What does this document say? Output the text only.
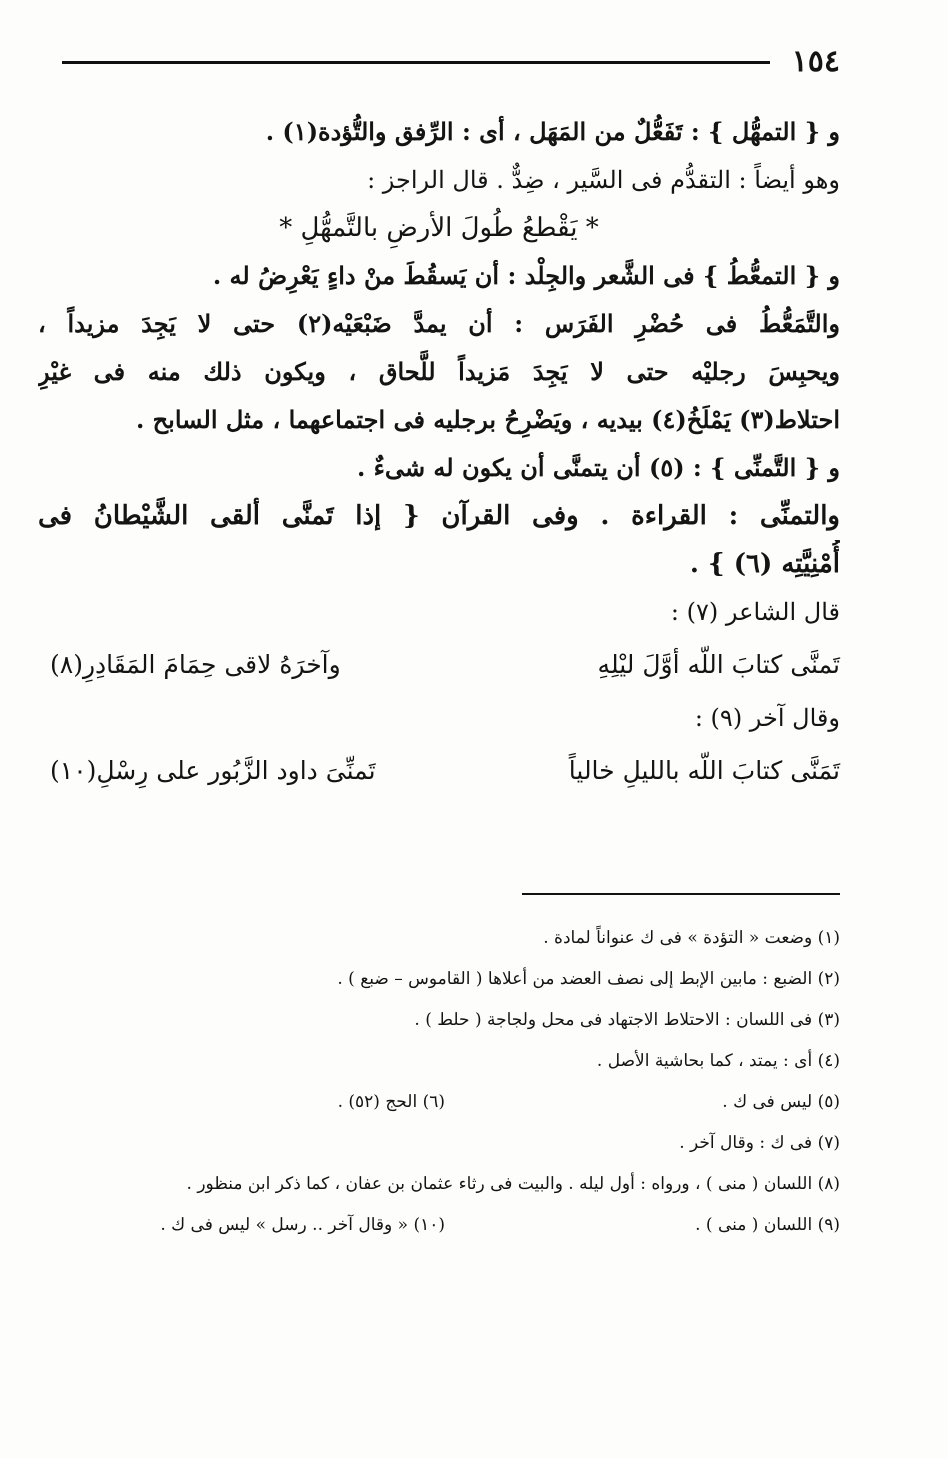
١٥٤
و { التمهُّل } : تَفَعُّلٌ من المَهَل ، أى : الرِّفق والتُّؤدة(١) .
وهو أيضاً : التقدُّم فى السَّير ، ضِدٌّ . قال الراجز :
* يَقْطعُ طُولَ الأرضِ بالتَّمهُّلِ *
و { التمعُّطُ } فى الشَّعر والجِلْد : أن يَسقُطَ منْ داءٍ يَعْرِضُ له .
والتَّمَعُّطُ فى حُضْرِ الفَرَس : أن يمدَّ ضَبْعَيْه(٢) حتى لا يَجِدَ مزيداً ،
ويحبِسَ رجليْه حتى لا يَجِدَ مَزيداً للَّحاق ، ويكون ذلك منه فى غيْرِ
احتلاط(٣) يَمْلَخُ(٤) بيديه ، ويَضْرِحُ برجليه فى اجتماعهما ، مثل السابح .
و { التَّمنِّى } : (٥) أن يتمنَّى أن يكون له شىءٌ .
والتمنِّى : القراءة . وفى القرآن { إذا تَمنَّى ألقى الشَّيْطانُ فى
أُمْنِيَّتِه (٦) } .
قال الشاعر (٧) :
تَمنَّى كتابَ اللّه أوَّلَ ليْلِهِ
وآخرَهُ لاقى حِمَامَ المَقَادِرِ(٨)
وقال آخر (٩) :
تَمَنَّى كتابَ اللّه بالليلِ خالياً
تَمنِّىَ داود الزَّبُور على رِسْلِ(١٠)
(١) وضعت « التؤدة » فى ك عنواناً لمادة .
(٢) الضبع : مابين الإبط إلى نصف العضد من أعلاها ( القاموس – ضبع ) .
(٣) فى اللسان : الاحتلاط الاجتهاد فى محل ولجاجة ( حلط ) .
(٤) أى : يمتد ، كما بحاشية الأصل .
(٥) ليس فى ك .
(٦) الحج (٥٢) .
(٧) فى ك : وقال آخر .
(٨) اللسان ( منى ) ، ورواه : أول ليله . والبيت فى رثاء عثمان بن عفان ، كما ذكر ابن منظور .
(٩) اللسان ( منى ) .
(١٠) « وقال آخر .. رسل » ليس فى ك .
